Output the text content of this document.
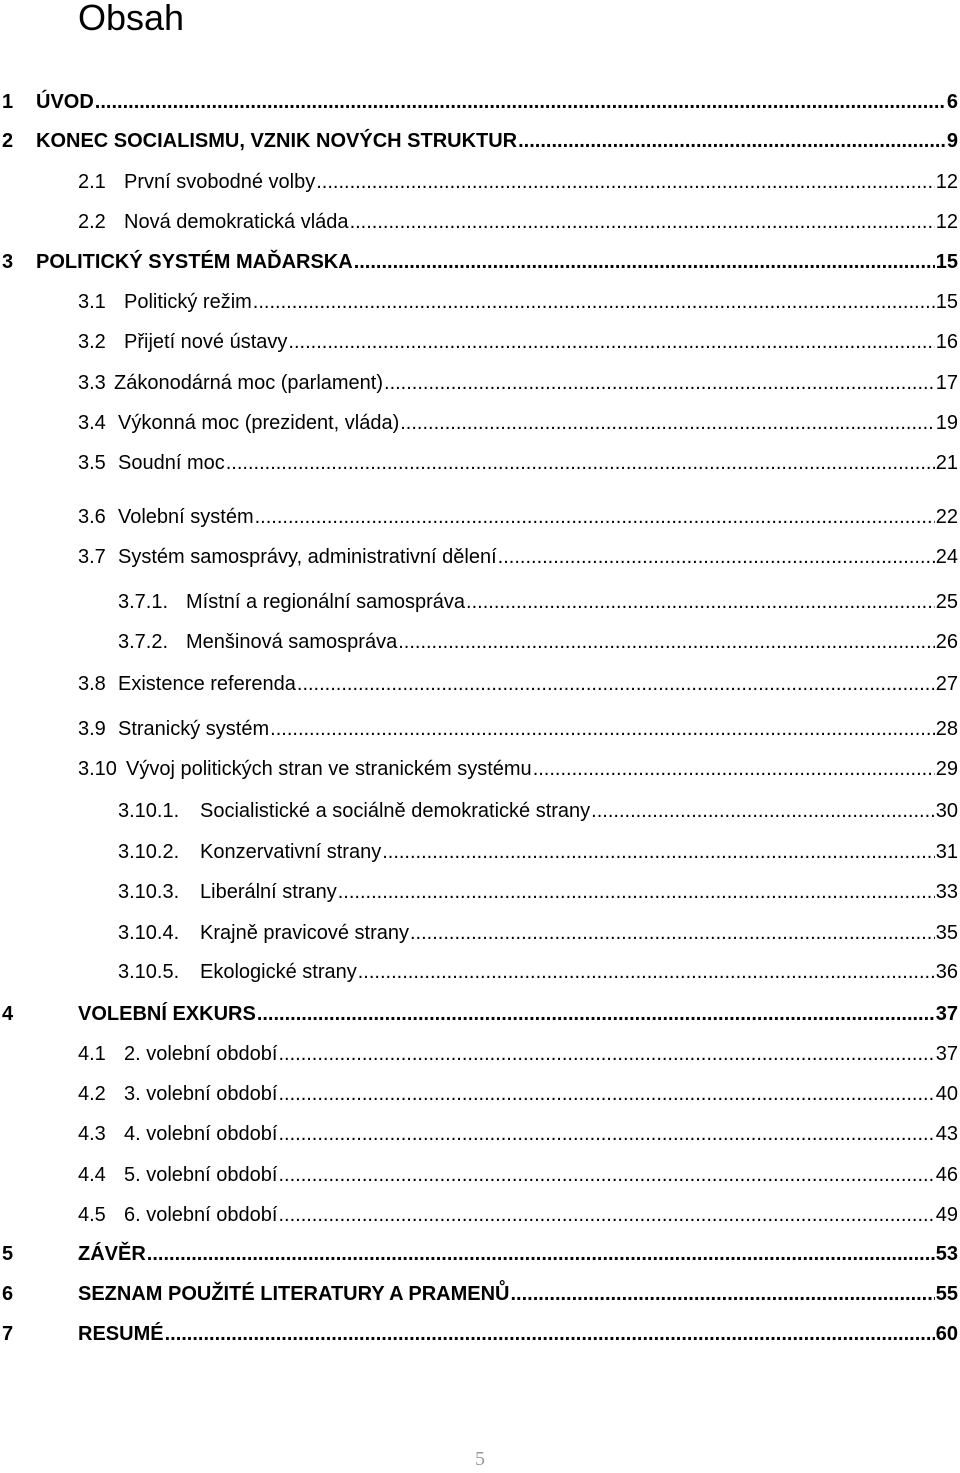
Obsah
1	ÚVOD .....	6
2	KONEC SOCIALISMU, VZNIK NOVÝCH STRUKTUR .....	9
2.1 První svobodné volby .....	12
2.2 Nová demokratická vláda .....	12
3	POLITICKÝ SYSTÉM MAĎARSKA .....	15
3.1 Politický režim .....	15
3.2 Přijetí nové ústavy .....	16
3.3 Zákonodárná moc (parlament) .....	17
3.4 Výkonná moc (prezident, vláda) .....	19
3.5 Soudní moc .....	21
3.6 Volební systém .....	22
3.7 Systém samosprávy, administrativní dělení .....	24
3.7.1. Místní a regionální samospráva .....	25
3.7.2. Menšinová samospráva .....	26
3.8 Existence referenda .....	27
3.9 Stranický systém .....	28
3.10 Vývoj politických stran ve stranickém systému .....	29
3.10.1.	Socialistické a sociálně demokratické strany .....	30
3.10.2.	Konzervativní strany .....	31
3.10.3.	Liberální strany .....	33
3.10.4.	Krajně pravicové strany .....	35
3.10.5.	Ekologické strany .....	36
4	VOLEBNÍ EXKURS .....	37
4.1 2. volební období .....	37
4.2 3. volební období .....	40
4.3 4. volební období .....	43
4.4 5. volební období .....	46
4.5 6. volební období .....	49
5	ZÁVĚR .....	53
6	SEZNAM POUŽITÉ LITERATURY A PRAMENŮ .....	55
7	RESUMÉ .....	60
5
